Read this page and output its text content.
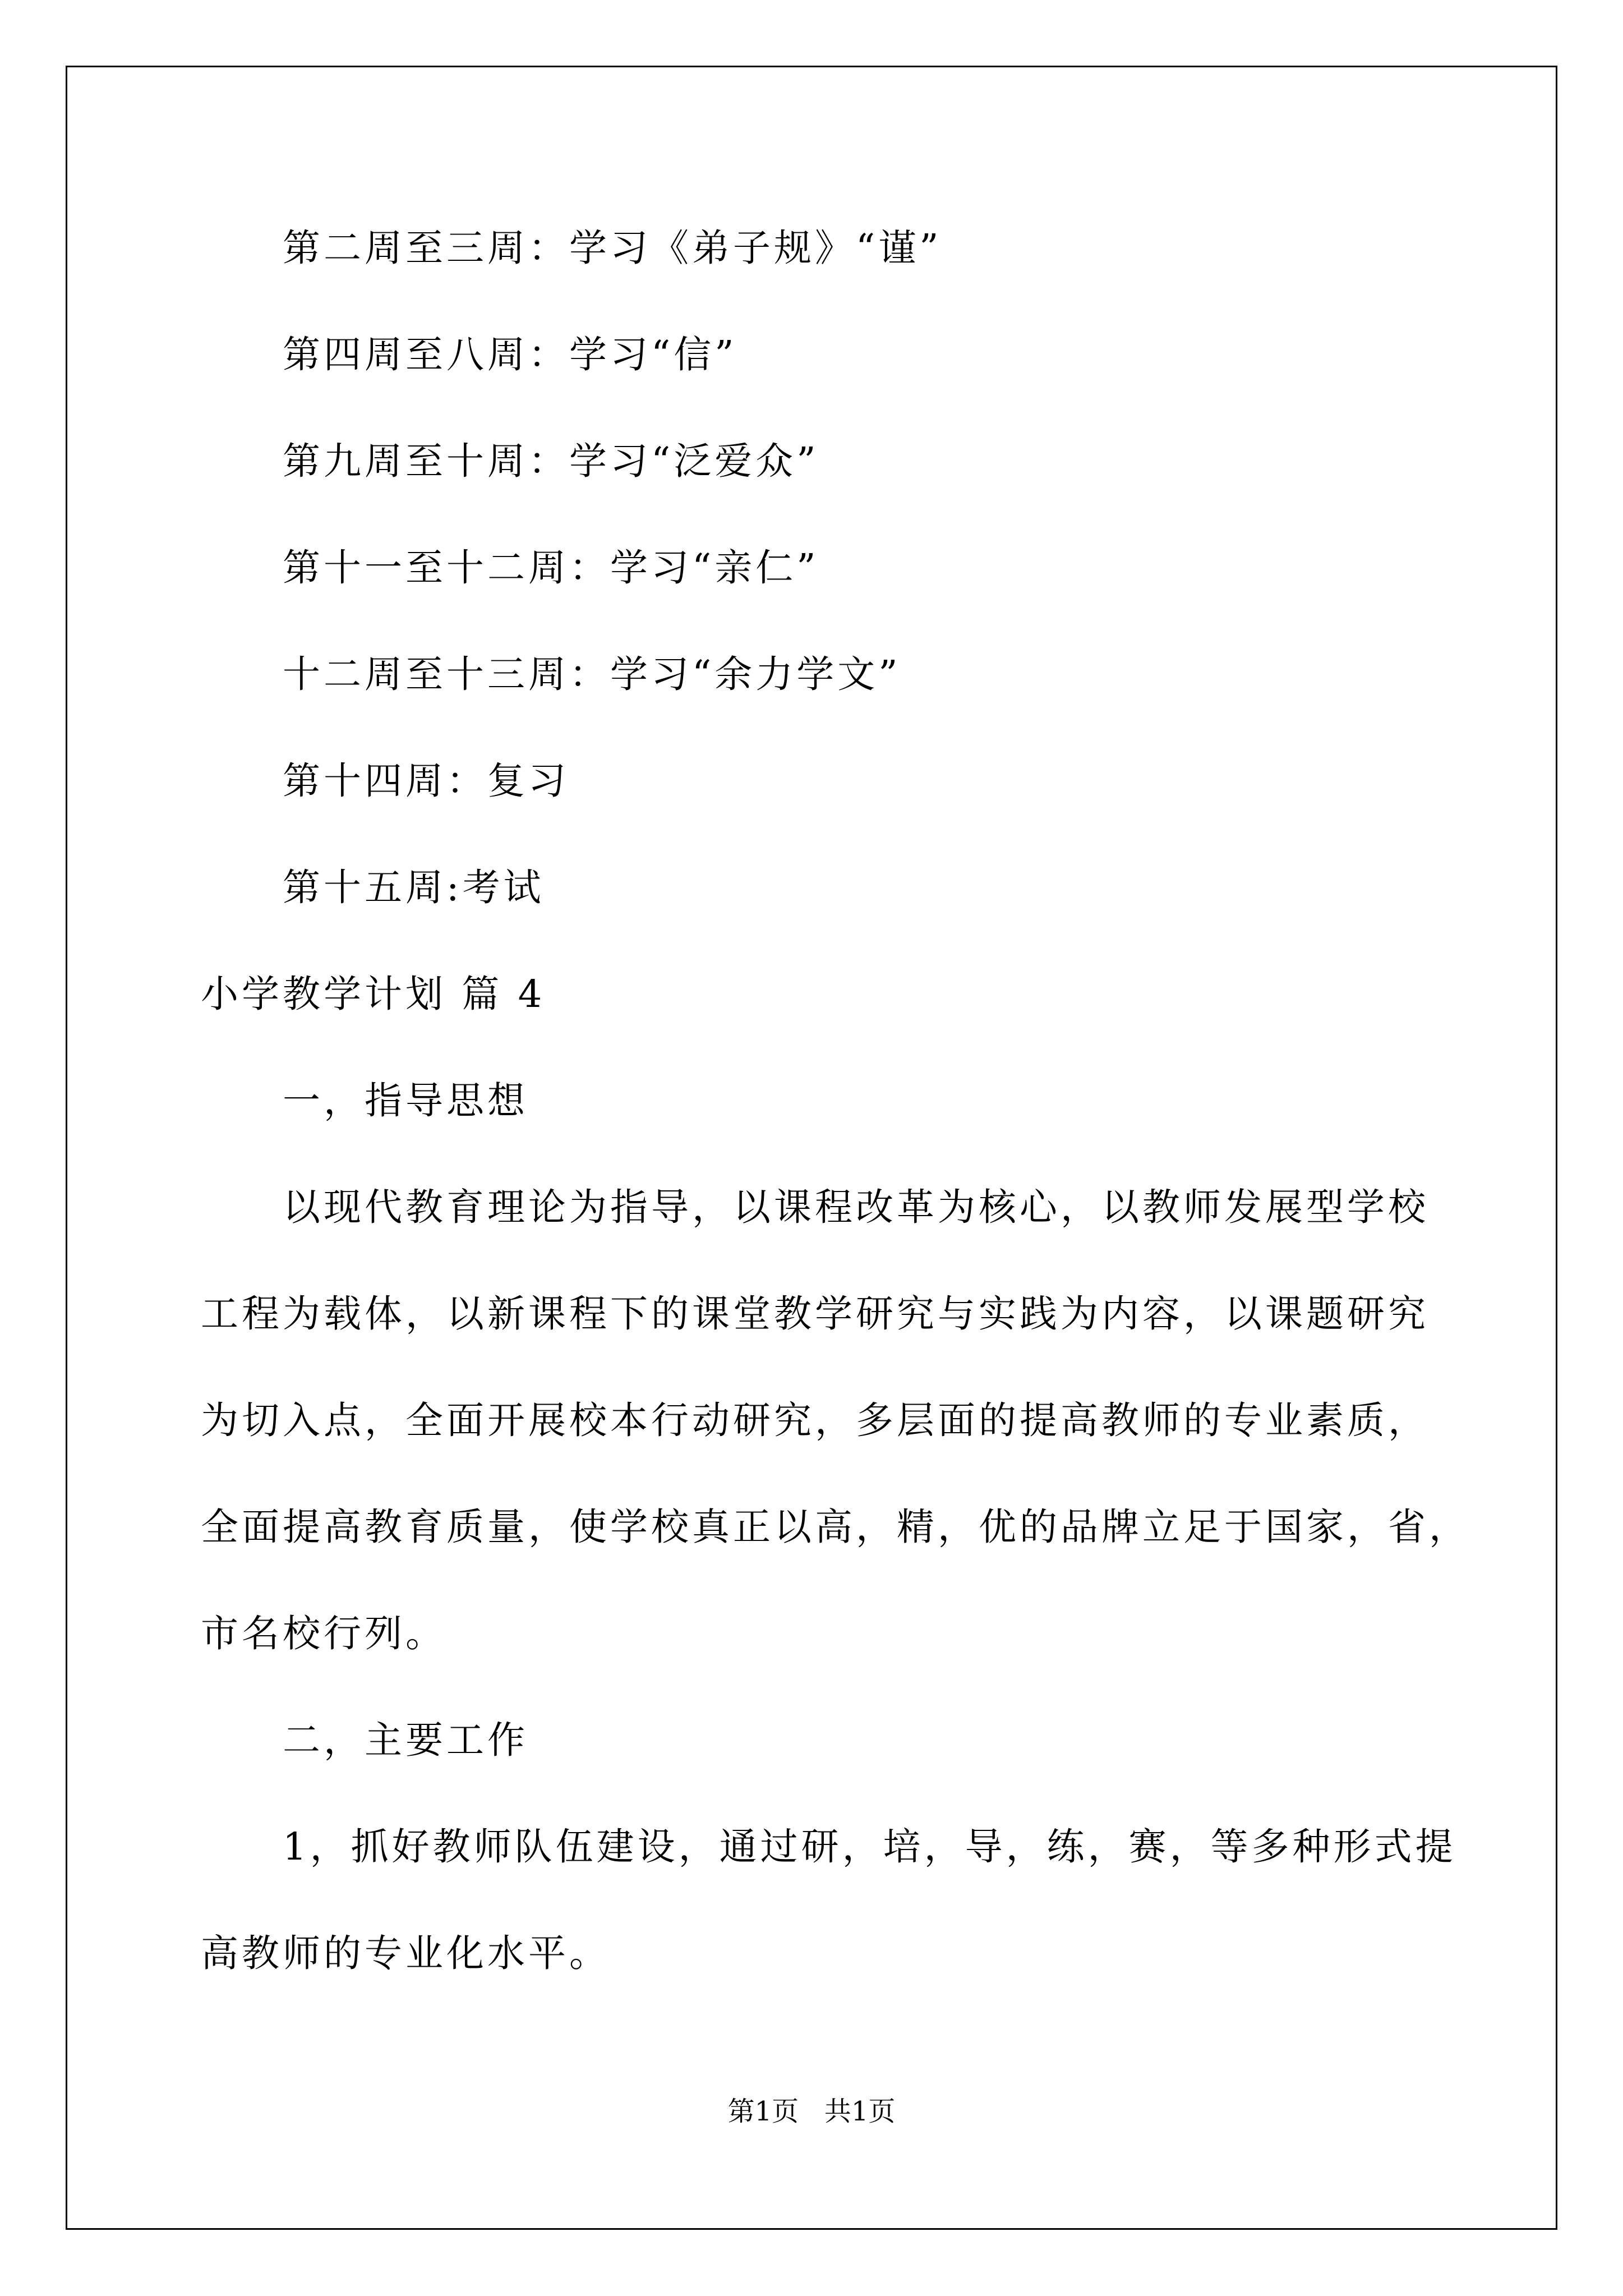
第二周至三周：学习《弟子规》“谨”
第四周至八周：学习“信”
第九周至十周：学习“泛爱众”
第十一至十二周：学习“亲仁”
十二周至十三周：学习“余力学文”
第十四周：复习
第十五周:考试
小学教学计划 篇 4
一，指导思想
以现代教育理论为指导，以课程改革为核心，以教师发展型学校
工程为载体，以新课程下的课堂教学研究与实践为内容，以课题研究
为切入点，全面开展校本行动研究，多层面的提高教师的专业素质，
全面提高教育质量，使学校真正以高，精，优的品牌立足于国家，省，
市名校行列。
二，主要工作
1，抓好教师队伍建设，通过研，培，导，练，赛，等多种形式提
高教师的专业化水平。
第1页   共1页
